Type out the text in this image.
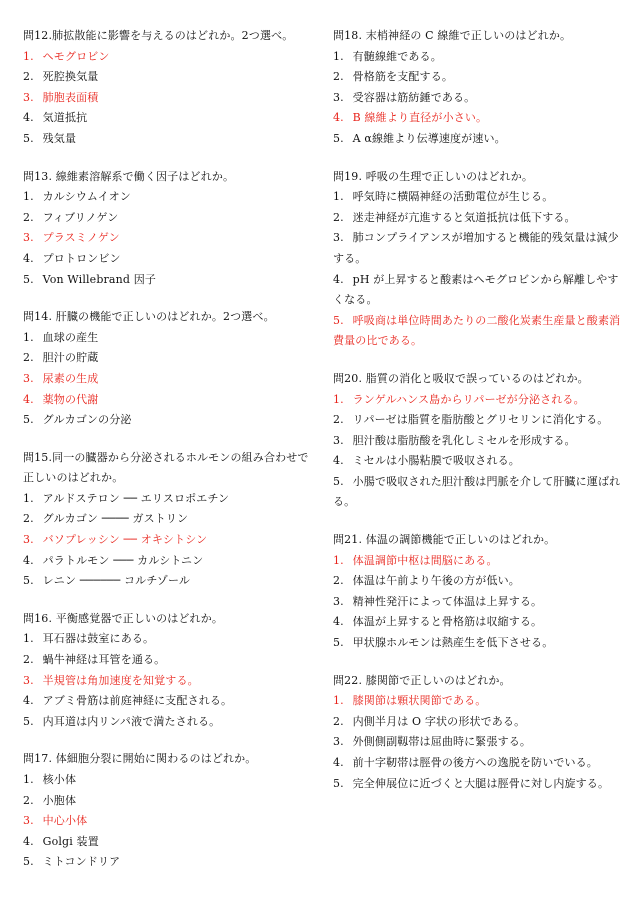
問12.肺拡散能に影響を与えるのはどれか。2つ選べ。
1. ヘモグロビン
2. 死腔換気量
3. 肺胞表面積
4. 気道抵抗
5. 残気量
問13. 線維素溶解系で働く因子はどれか。
1. カルシウムイオン
2. フィブリノゲン
3. プラスミノゲン
4. プロトロンビン
5. Von Willebrand 因子
問14. 肝臓の機能で正しいのはどれか。2つ選べ。
1. 血球の産生
2. 胆汁の貯蔵
3. 尿素の生成
4. 薬物の代謝
5. グルカゴンの分泌
問15.同一の臓器から分泌されるホルモンの組み合わせで正しいのはどれか。
1. アルドステロン ── エリスロポエチン
2. グルカゴン ──── ガストリン
3. バソプレッシン ── オキシトシン
4. パラトルモン ─── カルシトニン
5. レニン ────── コルチゾール
問16. 平衡感覚器で正しいのはどれか。
1. 耳石器は鼓室にある。
2. 蝸牛神経は耳管を通る。
3. 半規管は角加速度を知覚する。
4. アブミ骨筋は前庭神経に支配される。
5. 内耳道は内リンパ液で満たされる。
問17. 体細胞分裂に開始に関わるのはどれか。
1. 核小体
2. 小胞体
3. 中心小体
4. Golgi 装置
5. ミトコンドリア
問18. 末梢神経の C 線維で正しいのはどれか。
1. 有髄線維である。
2. 骨格筋を支配する。
3. 受容器は筋紡錘である。
4. B 線維より直径が小さい。
5. A α線維より伝導速度が速い。
問19. 呼吸の生理で正しいのはどれか。
1. 呼気時に横隔神経の活動電位が生じる。
2. 迷走神経が亢進すると気道抵抗は低下する。
3. 肺コンプライアンスが増加すると機能的残気量は減少する。
4. pH が上昇すると酸素はヘモグロビンから解離しやすくなる。
5. 呼吸商は単位時間あたりの二酸化炭素生産量と酸素消費量の比である。
問20. 脂質の消化と吸収で誤っているのはどれか。
1. ランゲルハンス島からリパーゼが分泌される。
2. リパーゼは脂質を脂肪酸とグリセリンに消化する。
3. 胆汁酸は脂肪酸を乳化しミセルを形成する。
4. ミセルは小腸粘膜で吸収される。
5. 小腸で吸収された胆汁酸は門脈を介して肝臓に運ばれる。
問21. 体温の調節機能で正しいのはどれか。
1. 体温調節中枢は間脳にある。
2. 体温は午前より午後の方が低い。
3. 精神性発汗によって体温は上昇する。
4. 体温が上昇すると骨格筋は収縮する。
5. 甲状腺ホルモンは熱産生を低下させる。
問22. 膝関節で正しいのはどれか。
1. 膝関節は顆状関節である。
2. 内側半月は O 字状の形状である。
3. 外側側副靱帯は屈曲時に緊張する。
4. 前十字靭帯は脛骨の後方への逸脱を防いでいる。
5. 完全伸展位に近づくと大腿は脛骨に対し内旋する。
